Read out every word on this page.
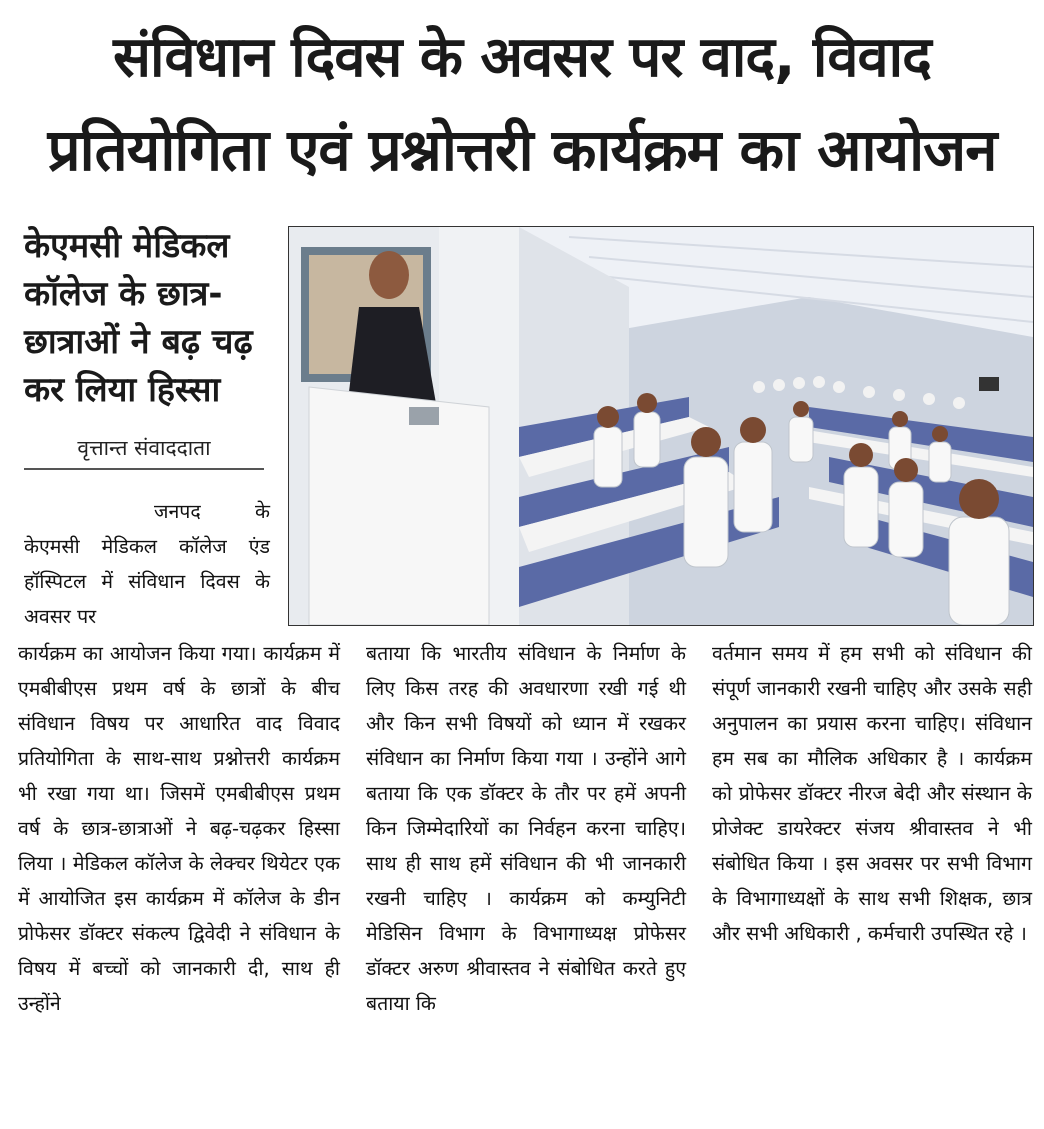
संविधान दिवस के अवसर पर वाद, विवाद
प्रतियोगिता एवं प्रश्नोत्तरी कार्यक्रम का आयोजन
केएमसी मेडिकल कॉलेज के छात्र-छात्राओं ने बढ़ चढ़ कर लिया हिस्सा
वृत्तान्त संवाददाता
जनपद के केएमसी मेडिकल कॉलेज एंड हॉस्पिटल में संविधान दिवस के अवसर पर
कार्यक्रम का आयोजन किया गया। कार्यक्रम में एमबीबीएस प्रथम वर्ष के छात्रों के बीच संविधान विषय पर आधारित वाद विवाद प्रतियोगिता के साथ-साथ प्रश्नोत्तरी कार्यक्रम भी रखा गया था। जिसमें एमबीबीएस प्रथम वर्ष के छात्र-छात्राओं ने बढ़-चढ़कर हिस्सा लिया । मेडिकल कॉलेज के लेक्चर थियेटर एक में आयोजित इस कार्यक्रम में कॉलेज के डीन प्रोफेसर डॉक्टर संकल्प द्विवेदी ने संविधान के विषय में बच्चों को जानकारी दी, साथ ही उन्होंने
बताया कि भारतीय संविधान के निर्माण के लिए किस तरह की अवधारणा रखी गई थी और किन सभी विषयों को ध्यान में रखकर संविधान का निर्माण किया गया । उन्होंने आगे बताया कि एक डॉक्टर के तौर पर हमें अपनी किन जिम्मेदारियों का निर्वहन करना चाहिए। साथ ही साथ हमें संविधान की भी जानकारी रखनी चाहिए । कार्यक्रम को कम्युनिटी मेडिसिन विभाग के विभागाध्यक्ष प्रोफेसर डॉक्टर अरुण श्रीवास्तव ने संबोधित करते हुए बताया कि
वर्तमान समय में हम सभी को संविधान की संपूर्ण जानकारी रखनी चाहिए और उसके सही अनुपालन का प्रयास करना चाहिए। संविधान हम सब का मौलिक अधिकार है । कार्यक्रम को प्रोफेसर डॉक्टर नीरज बेदी और संस्थान के प्रोजेक्ट डायरेक्टर संजय श्रीवास्तव ने भी संबोधित किया । इस अवसर पर सभी विभाग के विभागाध्यक्षों के साथ सभी शिक्षक, छात्र और सभी अधिकारी , कर्मचारी उपस्थित रहे ।
